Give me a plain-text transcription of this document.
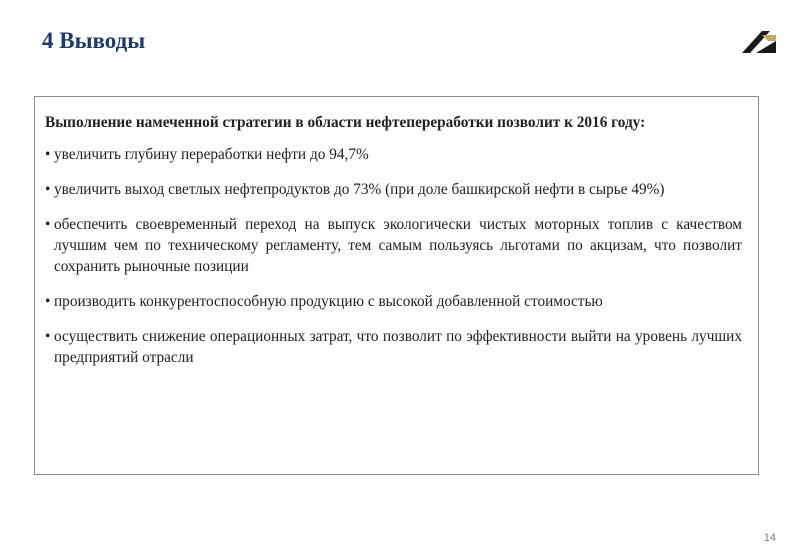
4 Выводы

Выполнение намеченной стратегии в области нефтепереработки позволит к 2016 году:

• увеличить глубину переработки нефти до 94,7%
• увеличить выход светлых нефтепродуктов до 73% (при доле башкирской нефти в сырье 49%)
• обеспечить своевременный переход на выпуск экологически чистых моторных топлив с качеством лучшим чем по техническому регламенту, тем самым пользуясь льготами по акцизам, что позволит сохранить рыночные позиции
• производить конкурентоспособную продукцию с высокой добавленной стоимостью
• осуществить снижение операционных затрат, что позволит по эффективности выйти на уровень лучших предприятий отрасли
14
